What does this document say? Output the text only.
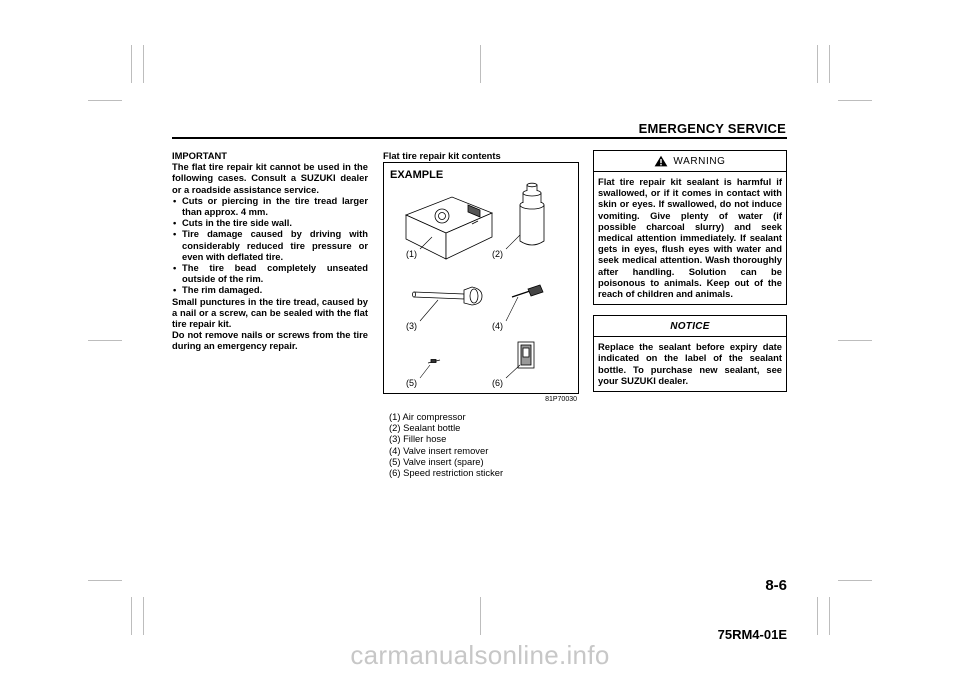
EMERGENCY SERVICE

IMPORTANT

The flat tire repair kit cannot be used in the following cases. Consult a SUZUKI dealer or a roadside assistance service.

• Cuts or piercing in the tire tread larger than approx. 4 mm.
• Cuts in the tire side wall.
• Tire damage caused by driving with considerably reduced tire pressure or even with deflated tire.
• The tire bead completely unseated outside of the rim.
• The rim damaged.

Small punctures in the tire tread, caused by a nail or a screw, can be sealed with the flat tire repair kit.

Do not remove nails or screws from the tire during an emergency repair.

Flat tire repair kit contents
EXAMPLE
(1)	(2)
(3)	(4)
(5)	(6)
81P70030
(1) Air compressor
(2) Sealant bottle
(3) Filler hose
(4) Valve insert remover
(5) Valve insert (spare)
(6) Speed restriction sticker
WARNING
Flat tire repair kit sealant is harmful if swallowed, or if it comes in contact with skin or eyes. If swallowed, do not induce vomiting. Give plenty of water (if possible charcoal slurry) and seek medical attention immediately. If sealant gets in eyes, flush eyes with water and seek medical attention. Wash thoroughly after handling. Solution can be poisonous to animals. Keep out of the reach of children and animals.
NOTICE
Replace the sealant before expiry date indicated on the label of the sealant bottle. To purchase new sealant, see your SUZUKI dealer.
8-6
75RM4-01E
carmanualsonline.info
